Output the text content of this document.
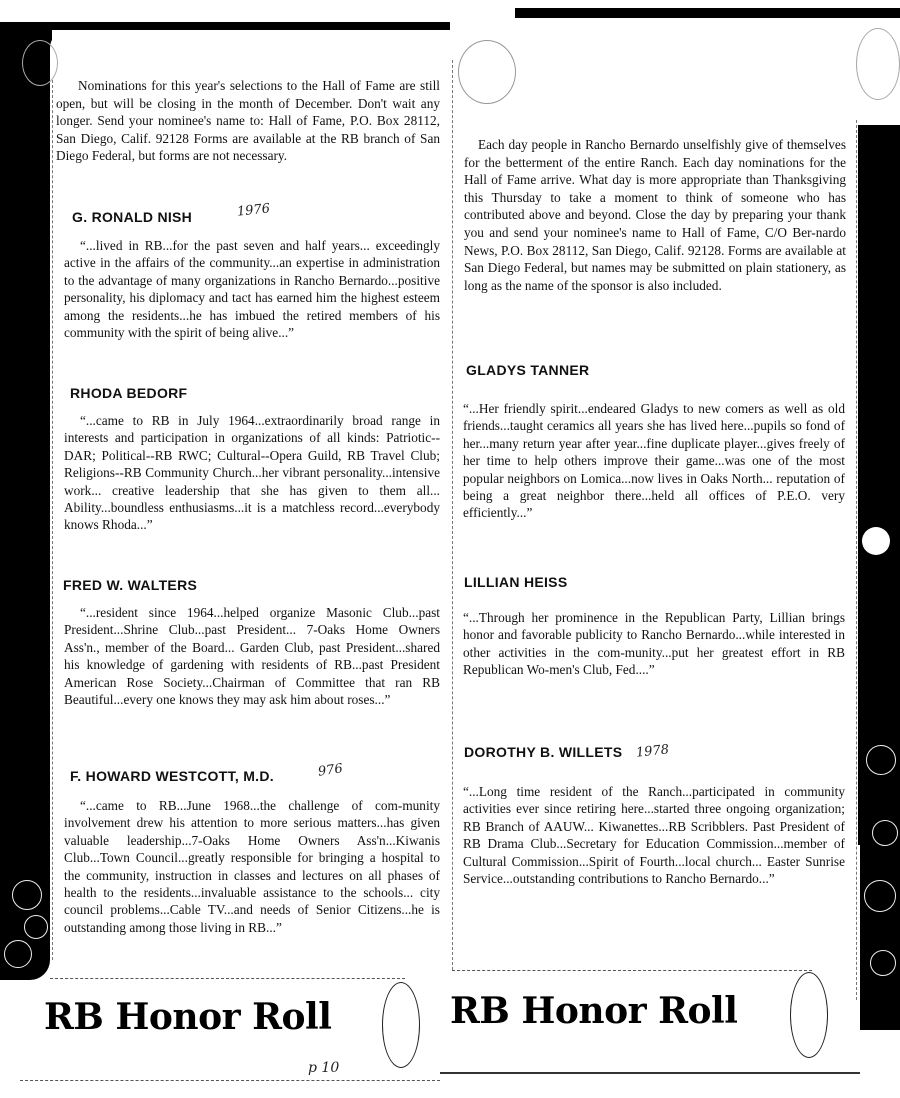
Nominations for this year's selections to the Hall of Fame are still open, but will be closing in the month of December. Don't wait any longer. Send your nominee's name to: Hall of Fame, P.O. Box 28112, San Diego, Calif. 92128 Forms are available at the RB branch of San Diego Federal, but forms are not necessary.

G. RONALD NISH	1976

“...lived in RB...for the past seven and half years... exceedingly active in the affairs of the community...an expertise in administration to the advantage of many organizations in Rancho Bernardo...positive personality, his diplomacy and tact has earned him the highest esteem among the residents...he has imbued the retired members of his community with the spirit of being alive...”

RHODA BEDORF

“...came to RB in July 1964...extraordinarily broad range in interests and participation in organizations of all kinds: Patriotic--DAR; Political--RB RWC; Cultural--Opera Guild, RB Travel Club; Religions--RB Community Church...her vibrant personality...intensive work... creative leadership that she has given to them all... Ability...boundless enthusiasms...it is a matchless record...everybody knows Rhoda...”

FRED W. WALTERS

“...resident since 1964...helped organize Masonic Club...past President...Shrine Club...past President... 7-Oaks Home Owners Ass'n., member of the Board... Garden Club, past President...shared his knowledge of gardening with residents of RB...past President American Rose Society...Chairman of Committee that ran RB Beautiful...every one knows they may ask him about roses...”

F. HOWARD WESTCOTT, M.D.	976

“...came to RB...June 1968...the challenge of com-munity involvement drew his attention to more serious matters...has given valuable leadership...7-Oaks Home Owners Ass'n...Kiwanis Club...Town Council...greatly responsible for bringing a hospital to the community, instruction in classes and lectures on all phases of health to the residents...invaluable assistance to the schools... city council problems...Cable TV...and needs of Senior Citizens...he is outstanding among those living in RB...”

RB Honor Roll
p 10

Each day people in Rancho Bernardo unselfishly give of themselves for the betterment of the entire Ranch. Each day nominations for the Hall of Fame arrive. What day is more appropriate than Thanksgiving this Thursday to take a moment to think of someone who has contributed above and beyond. Close the day by preparing your thank you and send your nominee's name to Hall of Fame, C/O Ber-nardo News, P.O. Box 28112, San Diego, Calif. 92128. Forms are available at San Diego Federal, but names may be submitted on plain stationery, as long as the name of the sponsor is also included.

GLADYS TANNER

“...Her friendly spirit...endeared Gladys to new comers as well as old friends...taught ceramics all years she has lived here...pupils so fond of her...many return year after year...fine duplicate player...gives freely of her time to help others improve their game...was one of the most popular neighbors on Lomica...now lives in Oaks North... reputation of being a great neighbor there...held all offices of P.E.O. very efficiently...”

LILLIAN HEISS

“...Through her prominence in the Republican Party, Lillian brings honor and favorable publicity to Rancho Bernardo...while interested in other activities in the com-munity...put her greatest effort in RB Republican Wo-men's Club, Fed....”

DOROTHY B. WILLETS 1978

“...Long time resident of the Ranch...participated in community activities ever since retiring here...started three ongoing organization; RB Branch of AAUW... Kiwanettes...RB Scribblers. Past President of RB Drama Club...Secretary for Education Commission...member of Cultural Commission...Spirit of Fourth...local church... Easter Sunrise Service...outstanding contributions to Rancho Bernardo...”

RB Honor Roll
